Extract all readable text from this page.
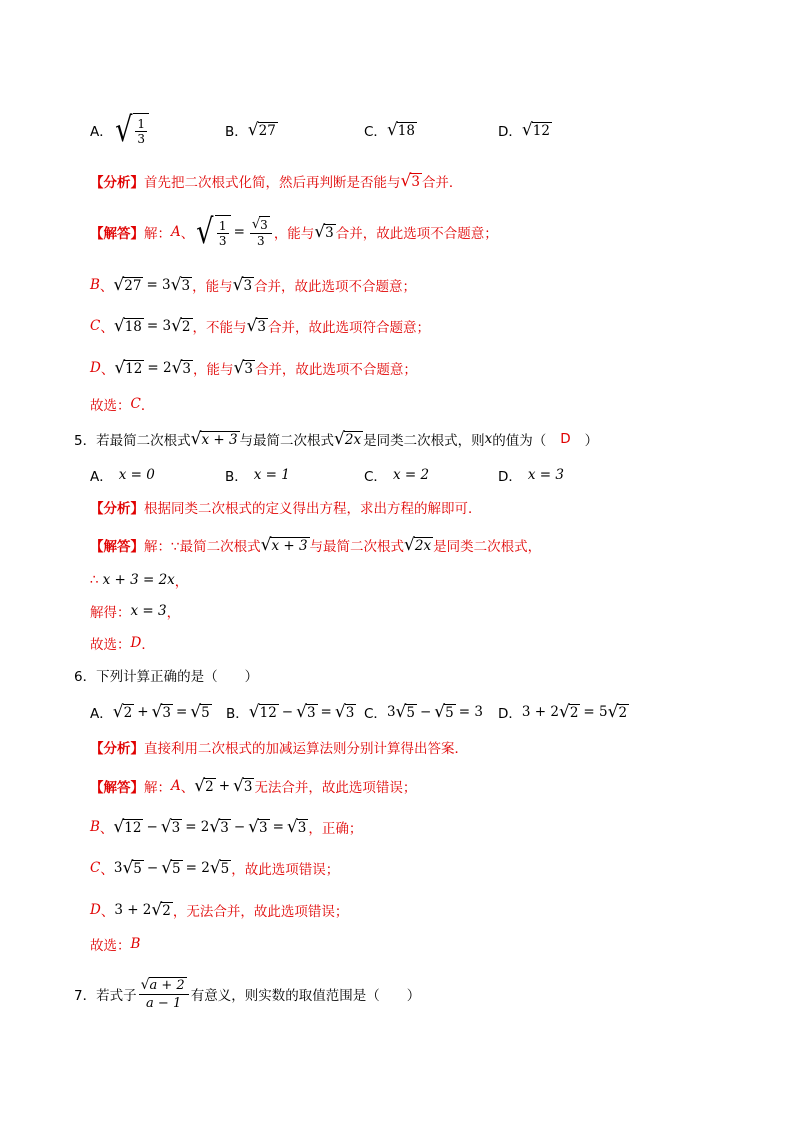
A． √ $\frac{1}{3}$	B． √ 27	C． √ 18	D． √ 12
【分析】 首先把二次根式化简，然后再判断是否能与 √ 3 合并．
【解答】 解： A 、 √ $\frac{1}{3} = \frac{√ 3}{3}$ ，能与 √ 3 合并，故此选项不合题意；
B 、 √ 27 = 3 √ 3 ，能与 √ 3 合并，故此选项不合题意；
C 、 √ 18 = 3 √ 2 ，不能与 √ 3 合并，故此选项符合题意；
D 、 √ 12 = 2 √ 3 ，能与 √ 3 合并，故此选项不合题意；
故选： C ．
5．若最简二次根式 √ x + 3 与最简二次根式 √ 2x 是同类二次根式，则 x 的值为（ D ）
A． x = 0	B． x = 1	C． x = 2	D． x = 3
【分析】 根据同类二次根式的定义得出方程，求出方程的解即可．
【解答】 解：∵最简二次根式 √ x + 3 与最简二次根式 √ 2x 是同类二次根式，
∴ x + 3 = 2x ，
解得： x = 3 ，
故选： D ．
6．下列计算正确的是（　　）
A． √ 2 + √ 3 = √ 5 B． √ 12 − √ 3 = √ 3 C． 3 √ 5 − √ 5 = 3 D． 3 + 2 √ 2 = 5 √ 2
【分析】 直接利用二次根式的加减运算法则分别计算得出答案．
【解答】 解： A 、 √ 2 + √ 3 无法合并，故此选项错误；
B 、 √ 12 − √ 3 = 2 √ 3 − √ 3 = √ 3 ，正确；
C 、 3 √ 5 − √ 5 = 2 √ 5 ，故此选项错误；
D 、 3 + 2 √ 2 ，无法合并，故此选项错误；
故选： B
7．若式子 $\frac{√ a + 2}{a - 1}$ 有意义，则实数的取值范围是（　　）
